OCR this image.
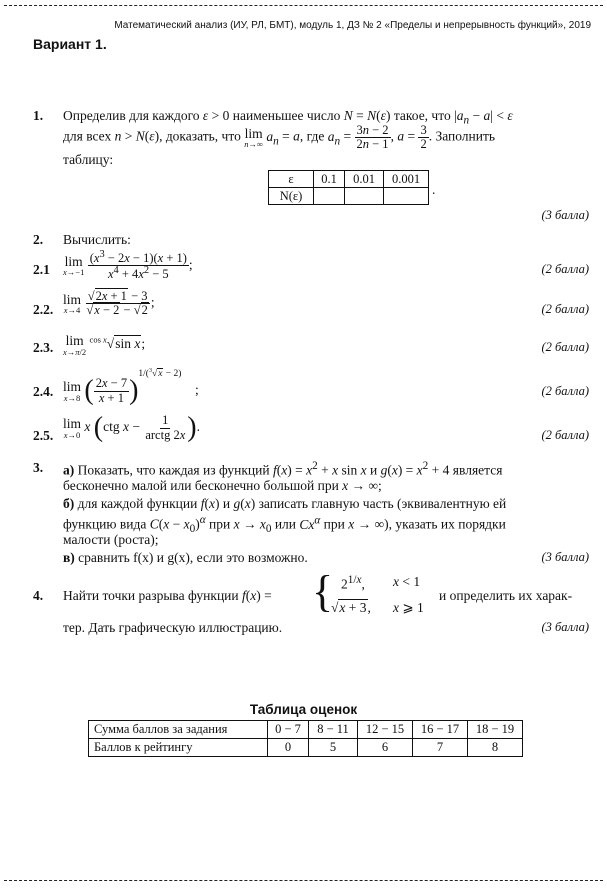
Математический анализ (ИУ, РЛ, БМТ), модуль 1, ДЗ № 2 «Пределы и непрерывность функций», 2019
Вариант 1.
1. Определив для каждого ε > 0 наименьшее число N = N(ε) такое, что $|a_n - a| < \varepsilon$
для всех n > N(ε), доказать, что lim
n→∞
$a_n = a$, где $a_n = \frac{3n - 2}{2n - 1}$ , $a = \frac{3}{2}$ . Заполнить
таблицу:
ε	0.1	0.01	0.001
N(ε)				.
(3 балла)
2. Вычислить:
2.1
lim
x→−1
$\frac{(x^3 - 2x - 1)(x + 1)}{x^4 + 4x^2 - 5}$ ;	(2 балла)
2.2.
lim
x→4
$\frac{√2x + 1 - 3}{√x - 2 - √2}$ ;	(2 балла)
2.3. lim
x→π/2
$^{cos x}$√sin x;	(2 балла)
2.4. lim
x→8 ( $\frac{2x - 7}{x + 1} )^{1/(^3√x - 2)}$    ;	(2 балла)
2.5.
lim
x→0
x (ctg $x - \frac{1}{\text{arctg 2x}}$ ).
(2 балла)
3. а) Показать, что каждая из функций $f(x) = x^2 + x$ sin x и $g(x) = x^2 + 4$ является
бесконечно малой или бесконечно большой при x → ∞;
б) для каждой функции f(x) и g(x) записать главную часть (эквивалентную ей
функцию вида $C(x - x_0)^\alpha$ при $x \to x_0$ или $Cx^\alpha$ при x → ∞), указать их порядки
малости (роста);
в) сравнить f(x) и g(x), если это возможно.	(3 балла)
4. Найти точки разрыва функции f(x) = { $2^{1/x}$, x < 1
√x + 3, x ⩾ 1
и определить их харак-
тер. Дать графическую иллюстрацию.	(3 балла)
Таблица оценок
Сумма баллов за задания	0 − 7	8 − 11	12 − 15	16 − 17	18 − 19
Баллов к рейтингу	0	5	6	7	8
